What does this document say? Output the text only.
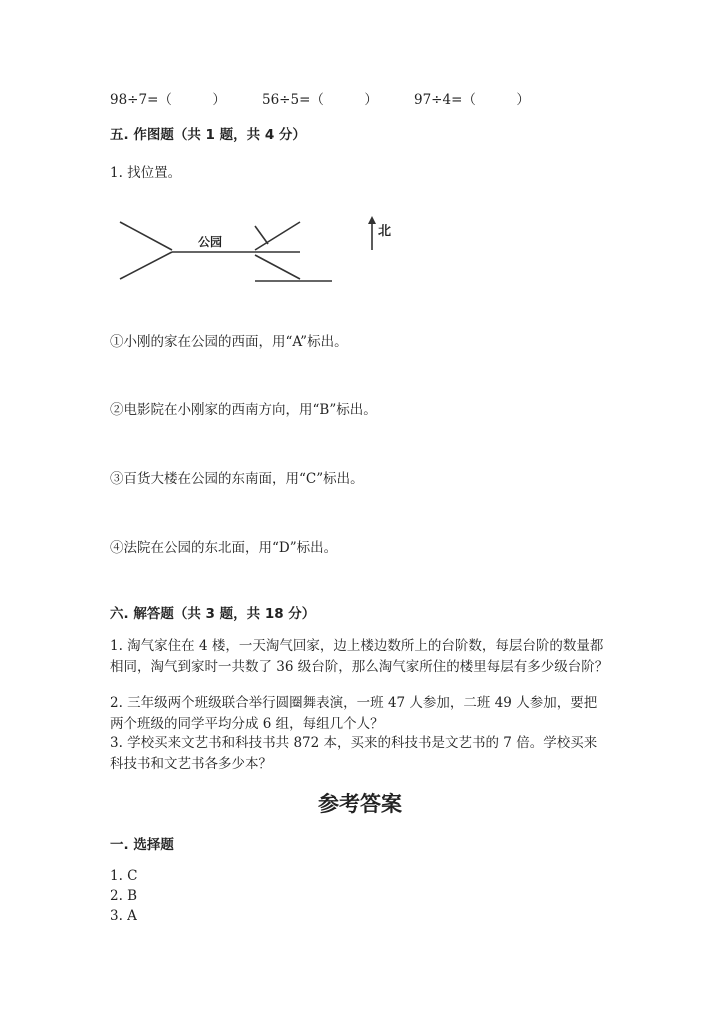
98÷7=（　　　）	56÷5=（　　　）	97÷4=（　　　）
五. 作图题（共 1 题，共 4 分）
1. 找位置。
公园
北
①小刚的家在公园的西面，用“A”标出。
②电影院在小刚家的西南方向，用“B”标出。
③百货大楼在公园的东南面，用“C”标出。
④法院在公园的东北面，用“D”标出。
六. 解答题（共 3 题，共 18 分）
1. 淘气家住在 4 楼，一天淘气回家，边上楼边数所上的台阶数，每层台阶的数量都相同，淘气到家时一共数了 36 级台阶，那么淘气家所住的楼里每层有多少级台阶？
2. 三年级两个班级联合举行圆圈舞表演，一班 47 人参加，二班 49 人参加，要把两个班级的同学平均分成 6 组，每组几个人？
3. 学校买来文艺书和科技书共 872 本，买来的科技书是文艺书的 7 倍。学校买来科技书和文艺书各多少本？
参考答案
一. 选择题
1. C
2. B
3. A
